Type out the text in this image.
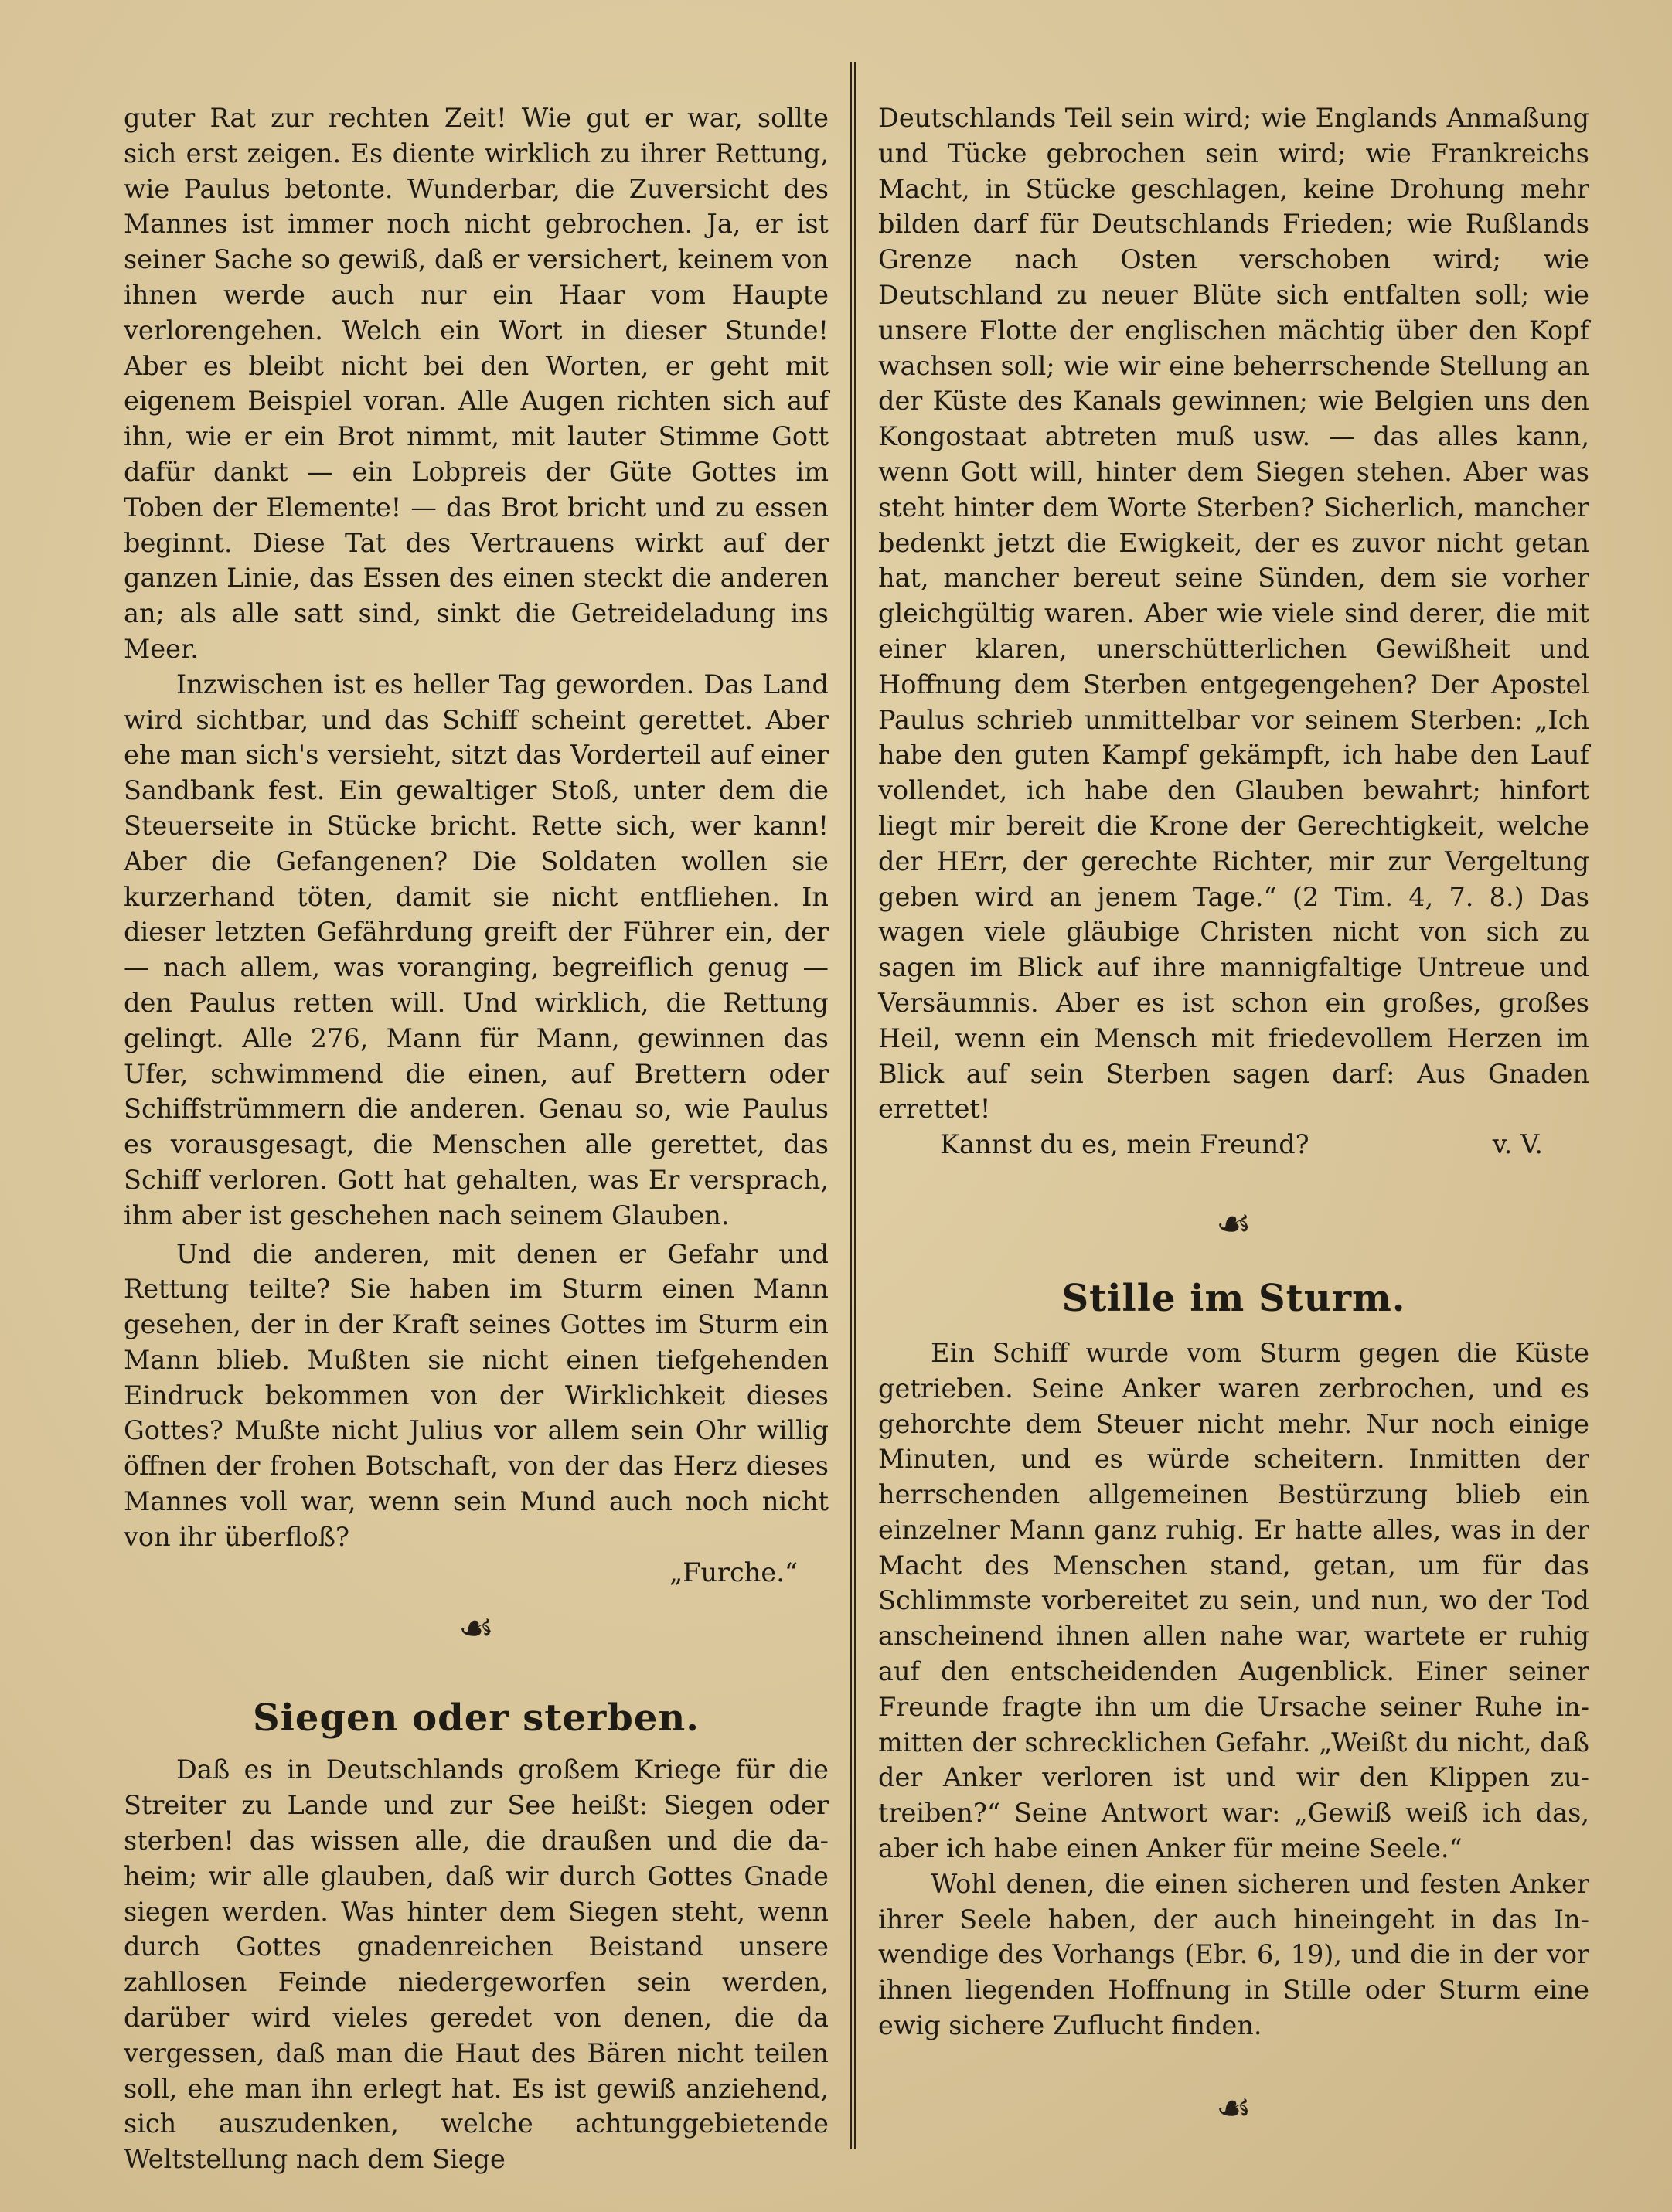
guter Rat zur rechten Zeit! Wie gut er war, sollte sich erst zeigen. Es diente wirklich zu ihrer Rettung, wie Paulus betonte. Wunderbar, die Zuversicht des Mannes ist immer noch nicht gebrochen. Ja, er ist seiner Sache so gewiß, daß er versichert, keinem von ihnen werde auch nur ein Haar vom Haupte verlorengehen. Welch ein Wort in dieser Stunde! Aber es bleibt nicht bei den Worten, er geht mit eigenem Beispiel voran. Alle Augen richten sich auf ihn, wie er ein Brot nimmt, mit lauter Stimme Gott dafür dankt — ein Lobpreis der Güte Gottes im Toben der Elemente! — das Brot bricht und zu essen beginnt. Diese Tat des Vertrauens wirkt auf der ganzen Linie, das Essen des einen steckt die anderen an; als alle satt sind, sinkt die Getreideladung ins Meer.

Inzwischen ist es heller Tag geworden. Das Land wird sichtbar, und das Schiff scheint gerettet. Aber ehe man sich's versieht, sitzt das Vorderteil auf einer Sandbank fest. Ein gewaltiger Stoß, unter dem die Steuerseite in Stücke bricht. Rette sich, wer kann! Aber die Gefangenen? Die Soldaten wollen sie kurzerhand töten, damit sie nicht entfliehen. In dieser letzten Gefährdung greift der Führer ein, der — nach allem, was voranging, begreiflich genug — den Paulus retten will. Und wirklich, die Rettung gelingt. Alle 276, Mann für Mann, gewinnen das Ufer, schwimmend die einen, auf Brettern oder Schiffstrümmern die anderen. Genau so, wie Paulus es vorausgesagt, die Menschen alle gerettet, das Schiff verloren. Gott hat gehalten, was Er versprach, ihm aber ist geschehen nach seinem Glauben.

Und die anderen, mit denen er Gefahr und Rettung teilte? Sie haben im Sturm einen Mann gesehen, der in der Kraft seines Gottes im Sturm ein Mann blieb. Mußten sie nicht einen tiefgehenden Eindruck bekommen von der Wirklichkeit dieses Gottes? Mußte nicht Julius vor allem sein Ohr willig öffnen der frohen Botschaft, von der das Herz dieses Mannes voll war, wenn sein Mund auch noch nicht von ihr überfloß?

„Furche.“
☙
Siegen oder sterben.

Daß es in Deutschlands großem Kriege für die Streiter zu Lande und zur See heißt: Siegen oder sterben! das wissen alle, die draußen und die daheim; wir alle glauben, daß wir durch Gottes Gnade siegen werden. Was hinter dem Siegen steht, wenn durch Gottes gnadenreichen Beistand unsere zahllosen Feinde niedergeworfen sein werden, darüber wird vieles geredet von denen, die da vergessen, daß man die Haut des Bären nicht teilen soll, ehe man ihn erlegt hat. Es ist gewiß anziehend, sich auszudenken, welche achtunggebietende Weltstellung nach dem Siege

Deutschlands Teil sein wird; wie Englands Anmaßung und Tücke gebrochen sein wird; wie Frankreichs Macht, in Stücke geschlagen, keine Drohung mehr bilden darf für Deutschlands Frieden; wie Rußlands Grenze nach Osten verschoben wird; wie Deutschland zu neuer Blüte sich entfalten soll; wie unsere Flotte der englischen mächtig über den Kopf wachsen soll; wie wir eine beherrschende Stellung an der Küste des Kanals gewinnen; wie Belgien uns den Kongostaat abtreten muß usw. — das alles kann, wenn Gott will, hinter dem Siegen stehen. Aber was steht hinter dem Worte Sterben? Sicherlich, mancher bedenkt jetzt die Ewigkeit, der es zuvor nicht getan hat, mancher bereut seine Sünden, dem sie vorher gleichgültig waren. Aber wie viele sind derer, die mit einer klaren, unerschütterlichen Gewißheit und Hoffnung dem Sterben entgegengehen? Der Apostel Paulus schrieb unmittelbar vor seinem Sterben: „Ich habe den guten Kampf gekämpft, ich habe den Lauf vollendet, ich habe den Glauben bewahrt; hinfort liegt mir bereit die Krone der Gerechtigkeit, welche der HErr, der gerechte Richter, mir zur Vergeltung geben wird an jenem Tage.“ (2 Tim. 4, 7. 8.) Das wagen viele gläubige Christen nicht von sich zu sagen im Blick auf ihre mannigfaltige Untreue und Versäumnis. Aber es ist schon ein großes, großes Heil, wenn ein Mensch mit friedevollem Herzen im Blick auf sein Sterben sagen darf: Aus Gnaden errettet!

Kannst du es, mein Freund?	v. V.
☙
Stille im Sturm.

Ein Schiff wurde vom Sturm gegen die Küste getrieben. Seine Anker waren zerbrochen, und es gehorchte dem Steuer nicht mehr. Nur noch einige Minuten, und es würde scheitern. Inmitten der herrschenden allgemeinen Bestürzung blieb ein einzelner Mann ganz ruhig. Er hatte alles, was in der Macht des Menschen stand, getan, um für das Schlimmste vorbereitet zu sein, und nun, wo der Tod anscheinend ihnen allen nahe war, wartete er ruhig auf den entscheidenden Augenblick. Einer seiner Freunde fragte ihn um die Ursache seiner Ruhe inmitten der schrecklichen Gefahr. „Weißt du nicht, daß der Anker verloren ist und wir den Klippen zutreiben?“ Seine Antwort war: „Gewiß weiß ich das, aber ich habe einen Anker für meine Seele.“

Wohl denen, die einen sicheren und festen Anker ihrer Seele haben, der auch hineingeht in das Inwendige des Vorhangs (Ebr. 6, 19), und die in der vor ihnen liegenden Hoffnung in Stille oder Sturm eine ewig sichere Zuflucht finden.

☙
